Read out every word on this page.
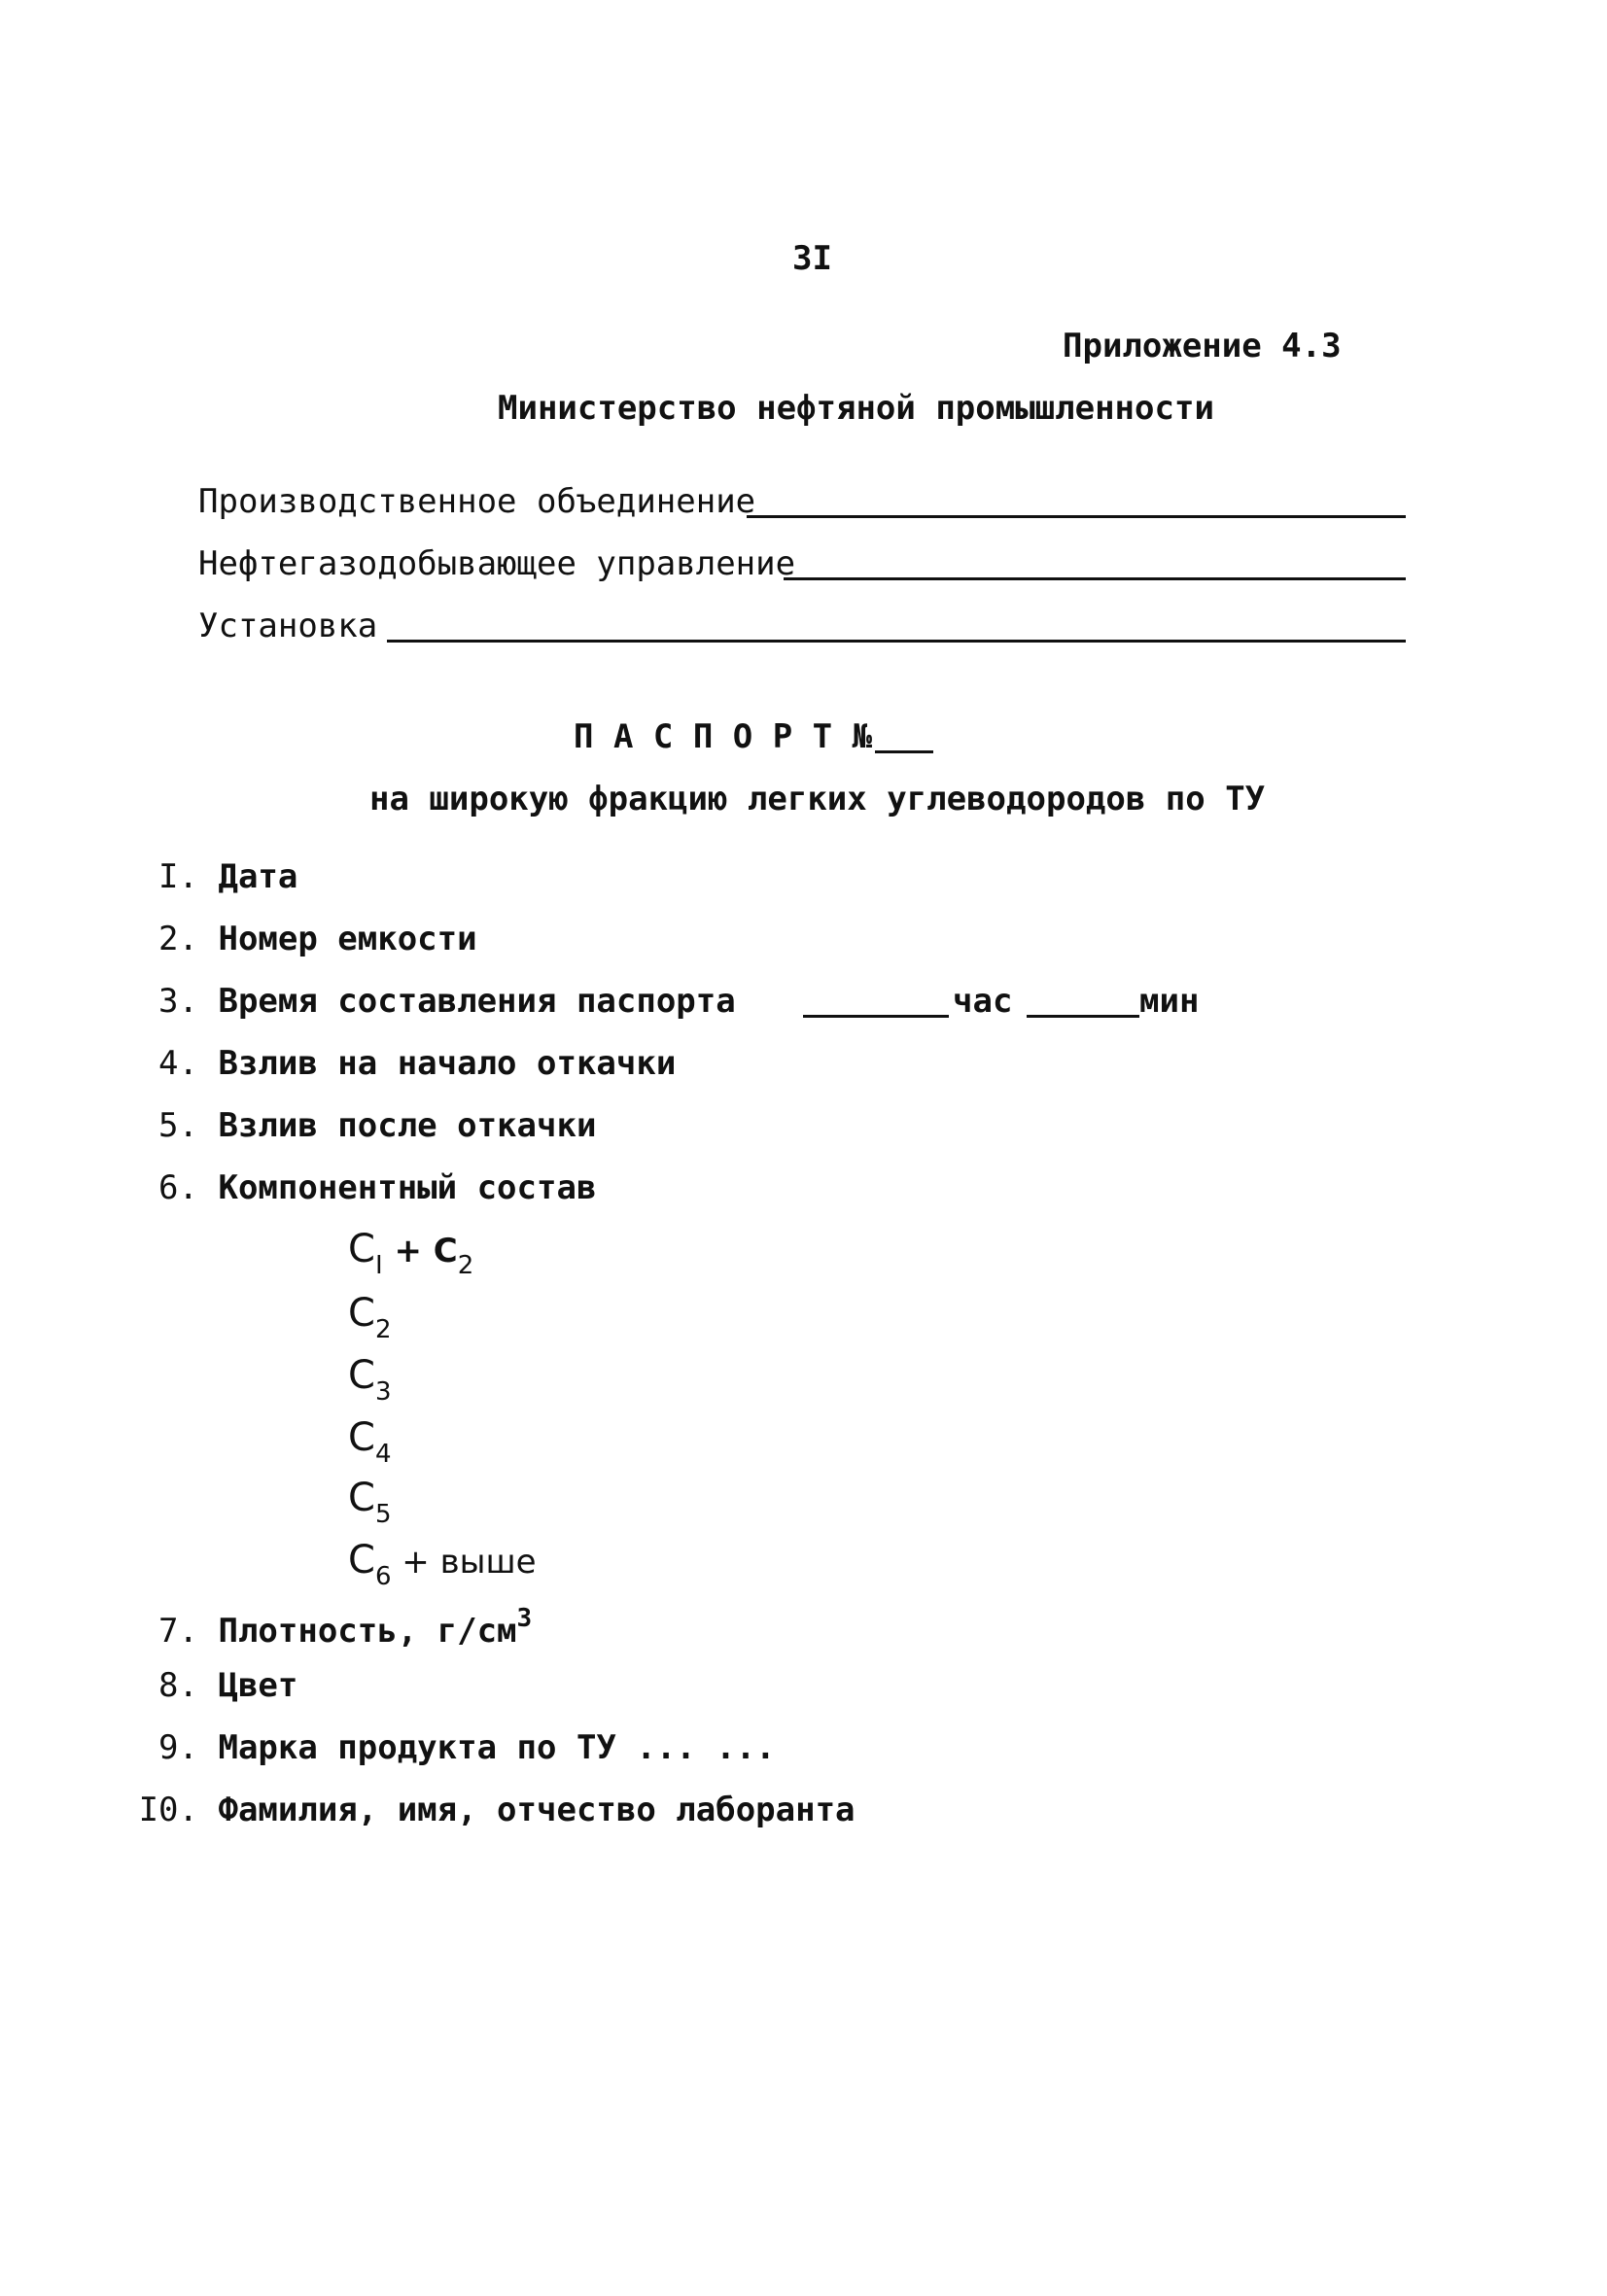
3I
Приложение 4.3
Министерство нефтяной промышленности
Производственное объединение
Нефтегазодобывающее управление
Установка
П А С П О Р Т №
на широкую фракцию легких углеводородов по ТУ
I. Дата
2. Номер емкости
3. Время составления паспорта	час	мин
4. Взлив на начало откачки
5. Взлив после откачки
6. Компонентный состав
$C_I + C_2$
$C_2$
$C_3$
$C_4$
$C_5$
$C_6$ + выше
7. Плотность, $г/см^3$
8. Цвет
9. Марка продукта по ТУ ... ...
I0. Фамилия, имя, отчество лаборанта
